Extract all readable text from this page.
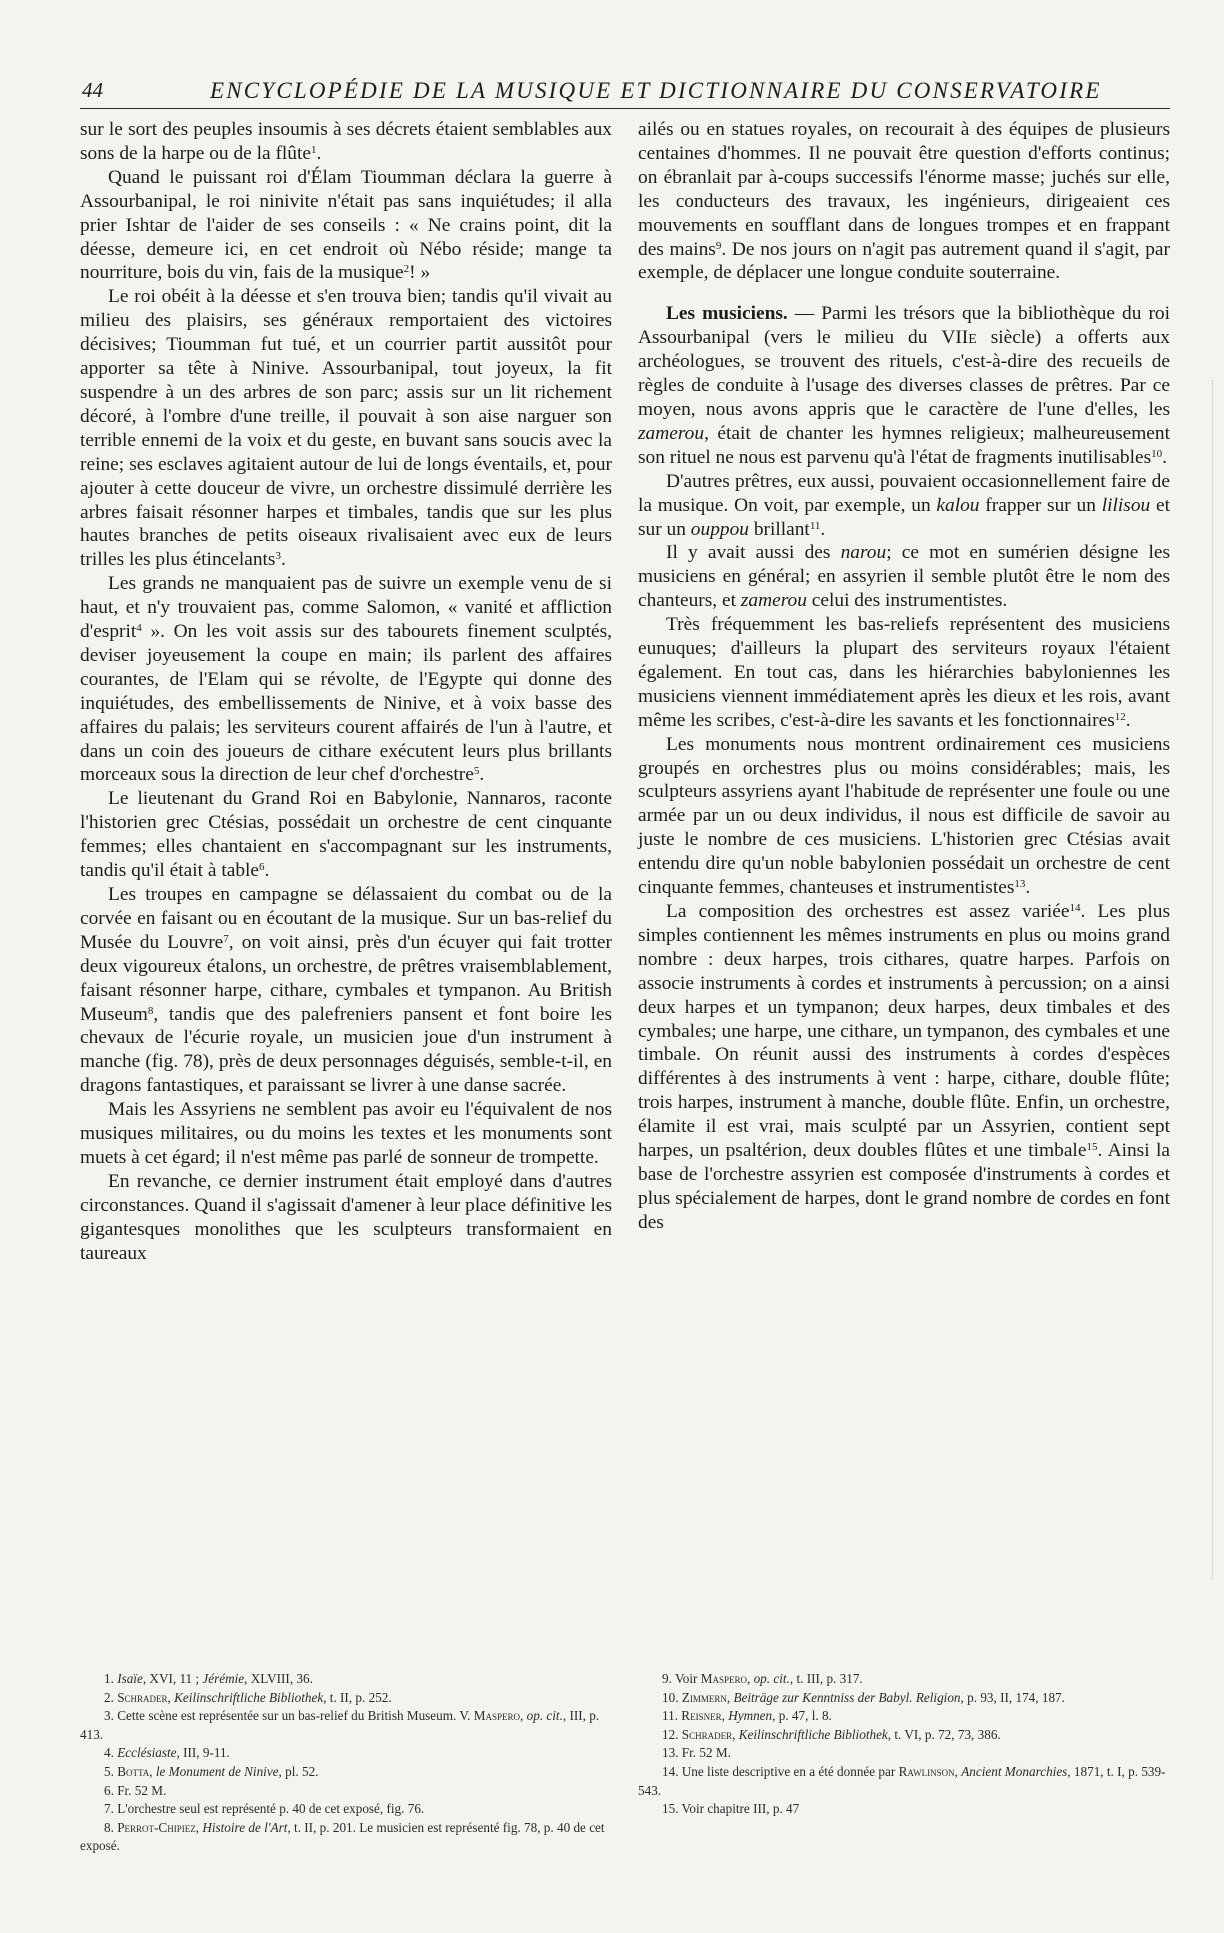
44	ENCYCLOPÉDIE DE LA MUSIQUE ET DICTIONNAIRE DU CONSERVATOIRE

sur le sort des peuples insoumis à ses décrets étaient semblables aux sons de la harpe ou de la flûte$^1$.

Quand le puissant roi d'Élam Tioumman déclara la guerre à Assourbanipal, le roi ninivite n'était pas sans inquiétudes; il alla prier Ishtar de l'aider de ses conseils : « Ne crains point, dit la déesse, demeure ici, en cet endroit où Nébo réside; mange ta nourriture, bois du vin, fais de la musique$^2$! »

Le roi obéit à la déesse et s'en trouva bien; tandis qu'il vivait au milieu des plaisirs, ses généraux remportaient des victoires décisives; Tioumman fut tué, et un courrier partit aussitôt pour apporter sa tête à Ninive. Assourbanipal, tout joyeux, la fit suspendre à un des arbres de son parc; assis sur un lit richement décoré, à l'ombre d'une treille, il pouvait à son aise narguer son terrible ennemi de la voix et du geste, en buvant sans soucis avec la reine; ses esclaves agitaient autour de lui de longs éventails, et, pour ajouter à cette douceur de vivre, un orchestre dissimulé derrière les arbres faisait résonner harpes et timbales, tandis que sur les plus hautes branches de petits oiseaux rivalisaient avec eux de leurs trilles les plus étincelants$^3$.

Les grands ne manquaient pas de suivre un exemple venu de si haut, et n'y trouvaient pas, comme Salomon, « vanité et affliction d'esprit$^4$ ». On les voit assis sur des tabourets finement sculptés, deviser joyeusement la coupe en main; ils parlent des affaires courantes, de l'Elam qui se révolte, de l'Egypte qui donne des inquiétudes, des embellissements de Ninive, et à voix basse des affaires du palais; les serviteurs courent affairés de l'un à l'autre, et dans un coin des joueurs de cithare exécutent leurs plus brillants morceaux sous la direction de leur chef d'orchestre$^5$.

Le lieutenant du Grand Roi en Babylonie, Nannaros, raconte l'historien grec Ctésias, possédait un orchestre de cent cinquante femmes; elles chantaient en s'accompagnant sur les instruments, tandis qu'il était à table$^6$.

Les troupes en campagne se délassaient du combat ou de la corvée en faisant ou en écoutant de la musique. Sur un bas-relief du Musée du Louvre$^7$, on voit ainsi, près d'un écuyer qui fait trotter deux vigoureux étalons, un orchestre, de prêtres vraisemblablement, faisant résonner harpe, cithare, cymbales et tympanon. Au British Museum$^8$, tandis que des palefreniers pansent et font boire les chevaux de l'écurie royale, un musicien joue d'un instrument à manche (fig. 78), près de deux personnages déguisés, semble-t-il, en dragons fantastiques, et paraissant se livrer à une danse sacrée.

Mais les Assyriens ne semblent pas avoir eu l'équivalent de nos musiques militaires, ou du moins les textes et les monuments sont muets à cet égard; il n'est même pas parlé de sonneur de trompette.

En revanche, ce dernier instrument était employé dans d'autres circonstances. Quand il s'agissait d'amener à leur place définitive les gigantesques monolithes que les sculpteurs transformaient en taureaux

ailés ou en statues royales, on recourait à des équipes de plusieurs centaines d'hommes. Il ne pouvait être question d'efforts continus; on ébranlait par à-coups successifs l'énorme masse; juchés sur elle, les conducteurs des travaux, les ingénieurs, dirigeaient ces mouvements en soufflant dans de longues trompes et en frappant des mains$^9$. De nos jours on n'agit pas autrement quand il s'agit, par exemple, de déplacer une longue conduite souterraine.

Les musiciens. — Parmi les trésors que la bibliothèque du roi Assourbanipal (vers le milieu du VIIe siècle) a offerts aux archéologues, se trouvent des rituels, c'est-à-dire des recueils de règles de conduite à l'usage des diverses classes de prêtres. Par ce moyen, nous avons appris que le caractère de l'une d'elles, les zamerou, était de chanter les hymnes religieux; malheureusement son rituel ne nous est parvenu qu'à l'état de fragments inutilisables$^{10}$.

D'autres prêtres, eux aussi, pouvaient occasionnellement faire de la musique. On voit, par exemple, un kalou frapper sur un lilisou et sur un ouppou brillant$^{11}$.

Il y avait aussi des narou; ce mot en sumérien désigne les musiciens en général; en assyrien il semble plutôt être le nom des chanteurs, et zamerou celui des instrumentistes.

Très fréquemment les bas-reliefs représentent des musiciens eunuques; d'ailleurs la plupart des serviteurs royaux l'étaient également. En tout cas, dans les hiérarchies babyloniennes les musiciens viennent immédiatement après les dieux et les rois, avant même les scribes, c'est-à-dire les savants et les fonctionnaires$^{12}$.

Les monuments nous montrent ordinairement ces musiciens groupés en orchestres plus ou moins considérables; mais, les sculpteurs assyriens ayant l'habitude de représenter une foule ou une armée par un ou deux individus, il nous est difficile de savoir au juste le nombre de ces musiciens. L'historien grec Ctésias avait entendu dire qu'un noble babylonien possédait un orchestre de cent cinquante femmes, chanteuses et instrumentistes$^{13}$.

La composition des orchestres est assez variée$^{14}$. Les plus simples contiennent les mêmes instruments en plus ou moins grand nombre : deux harpes, trois cithares, quatre harpes. Parfois on associe instruments à cordes et instruments à percussion; on a ainsi deux harpes et un tympanon; deux harpes, deux timbales et des cymbales; une harpe, une cithare, un tympanon, des cymbales et une timbale. On réunit aussi des instruments à cordes d'espèces différentes à des instruments à vent : harpe, cithare, double flûte; trois harpes, instrument à manche, double flûte. Enfin, un orchestre, élamite il est vrai, mais sculpté par un Assyrien, contient sept harpes, un psaltérion, deux doubles flûtes et une timbale$^{15}$. Ainsi la base de l'orchestre assyrien est composée d'instruments à cordes et plus spécialement de harpes, dont le grand nombre de cordes en font des

1. Isaïe, XVI, 11 ; Jérémie, XLVIII, 36.
2. Schrader, Keilinschriftliche Bibliothek, t. II, p. 252.
3. Cette scène est représentée sur un bas-relief du British Museum. V. Maspero, op. cit., III, p. 413.
4. Ecclésiaste, III, 9-11.
5. Botta, le Monument de Ninive, pl. 52.
6. Fr. 52 M.
7. L'orchestre seul est représenté p. 40 de cet exposé, fig. 76.
8. Perrot-Chipiez, Histoire de l'Art, t. II, p. 201. Le musicien est représenté fig. 78, p. 40 de cet exposé.
9. Voir Maspero, op. cit., t. III, p. 317.
10. Zimmern, Beiträge zur Kenntniss der Babyl. Religion, p. 93, II, 174, 187.
11. Reisner, Hymnen, p. 47, l. 8.
12. Schrader, Keilinschriftliche Bibliothek, t. VI, p. 72, 73, 386.
13. Fr. 52 M.
14. Une liste descriptive en a été donnée par Rawlinson, Ancient Monarchies, 1871, t. I, p. 539-543.
15. Voir chapitre III, p. 47
